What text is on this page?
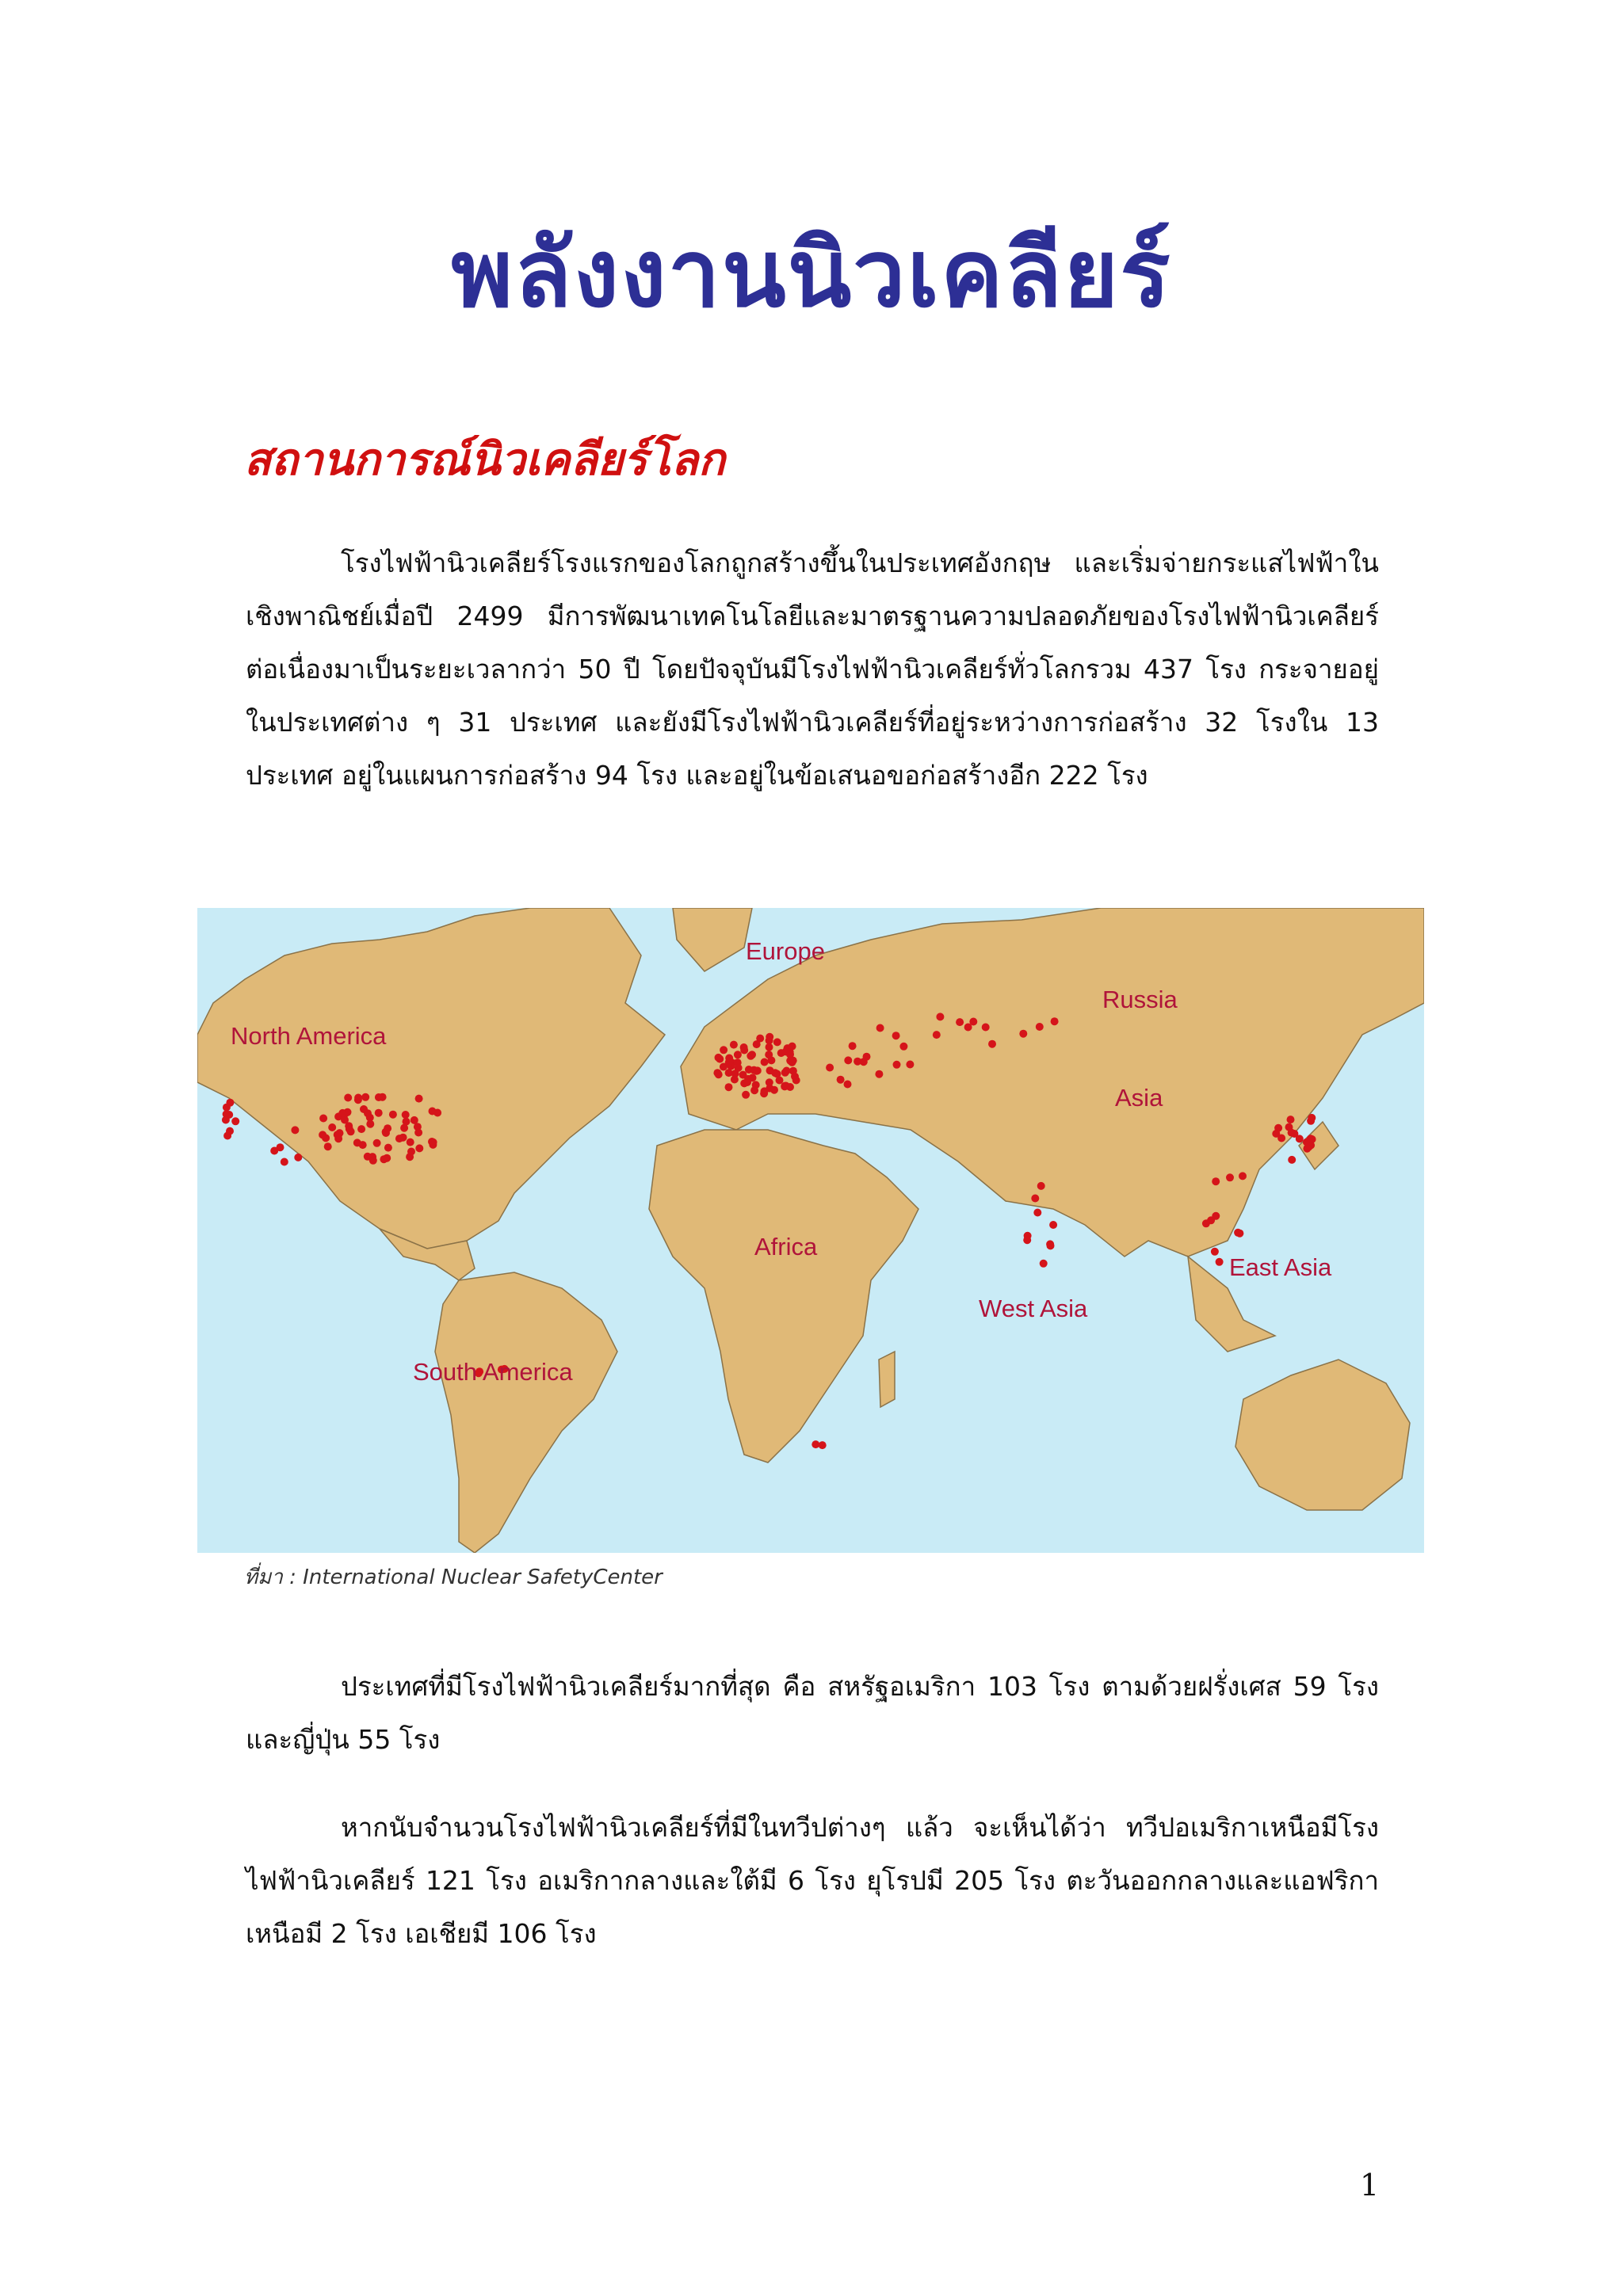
พลังงานนิวเคลียร์
สถานการณ์นิวเคลียร์โลก

โรงไฟฟ้านิวเคลียร์โรงแรกของโลกถูกสร้างขึ้นในประเทศอังกฤษ และเริ่มจ่ายกระแสไฟฟ้าในเชิงพาณิชย์เมื่อปี 2499 มีการพัฒนาเทคโนโลยีและมาตรฐานความปลอดภัยของโรงไฟฟ้านิวเคลียร์ต่อเนื่องมาเป็นระยะเวลากว่า 50 ปี โดยปัจจุบันมีโรงไฟฟ้านิวเคลียร์ทั่วโลกรวม 437 โรง กระจายอยู่ในประเทศต่าง ๆ 31 ประเทศ และยังมีโรงไฟฟ้านิวเคลียร์ที่อยู่ระหว่างการก่อสร้าง 32 โรงใน 13 ประเทศ อยู่ในแผนการก่อสร้าง 94 โรง และอยู่ในข้อเสนอขอก่อสร้างอีก 222 โรง

Europe
Russia
North America
Asia
Africa
East Asia
West Asia
South America
ที่มา : International Nuclear SafetyCenter

ประเทศที่มีโรงไฟฟ้านิวเคลียร์มากที่สุด คือ สหรัฐอเมริกา 103 โรง ตามด้วยฝรั่งเศส 59 โรง และญี่ปุ่น 55 โรง

หากนับจำนวนโรงไฟฟ้านิวเคลียร์ที่มีในทวีปต่างๆ แล้ว จะเห็นได้ว่า ทวีปอเมริกาเหนือมีโรงไฟฟ้านิวเคลียร์ 121 โรง อเมริกากลางและใต้มี 6 โรง ยุโรปมี 205 โรง ตะวันออกกลางและแอฟริกาเหนือมี 2 โรง เอเชียมี 106 โรง

1
